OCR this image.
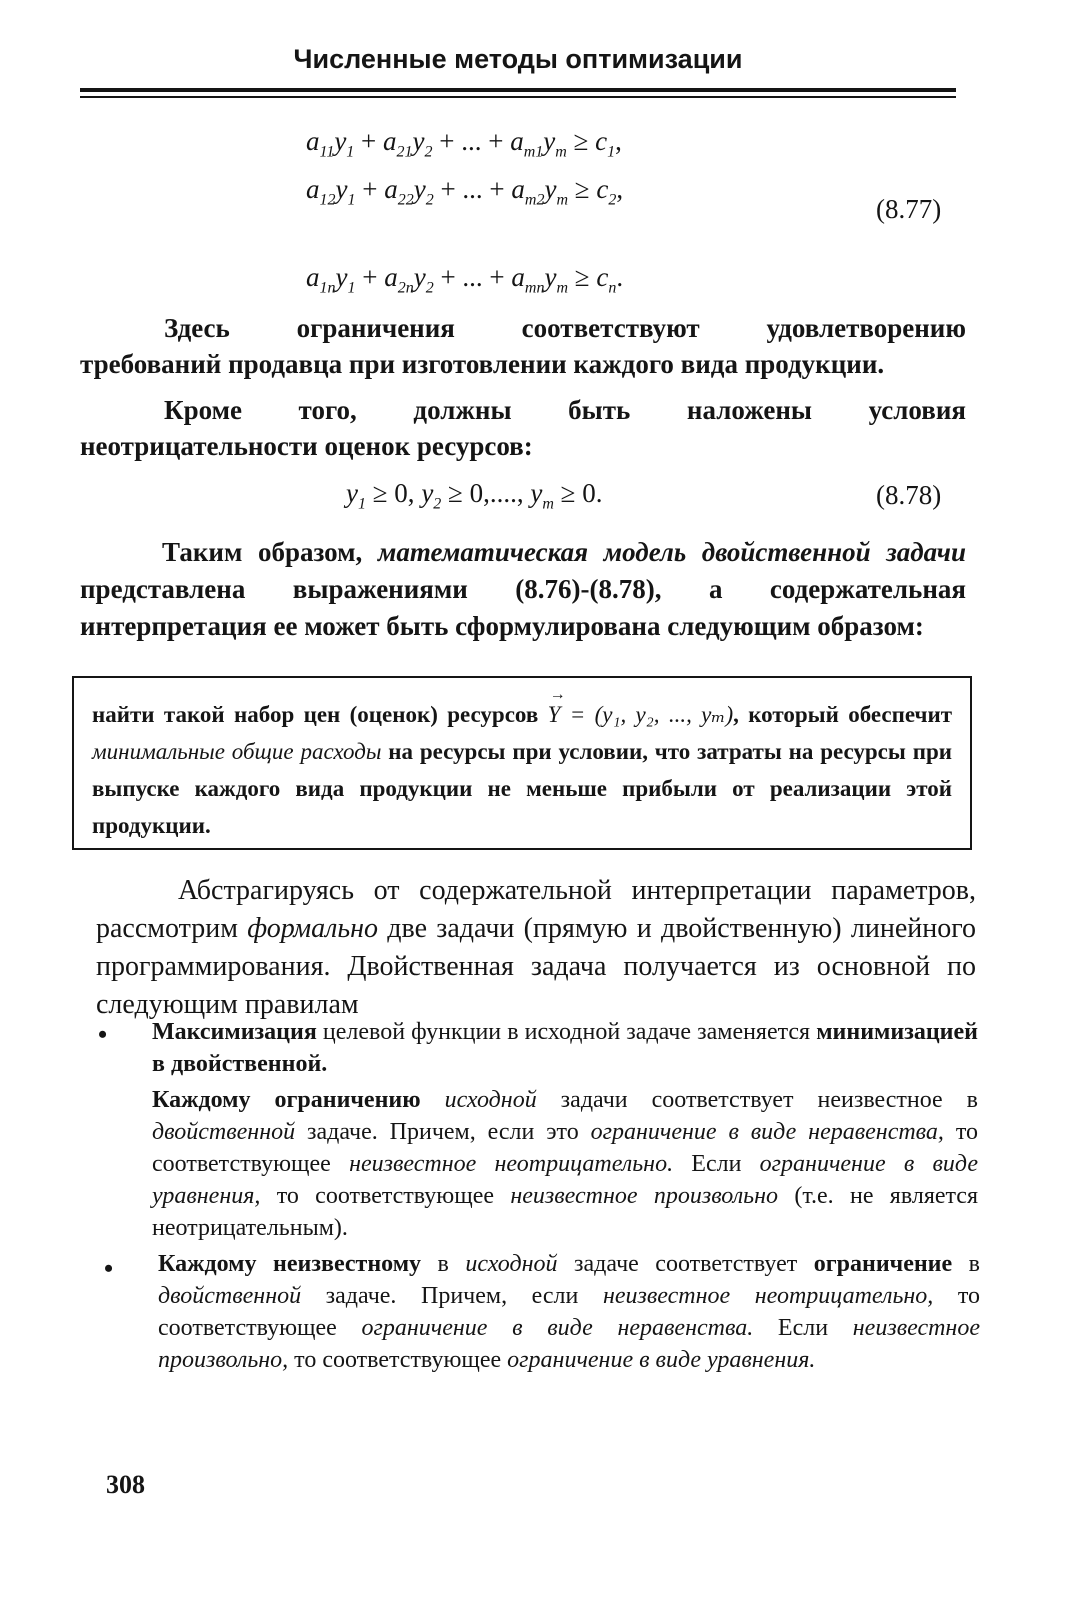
Численные методы оптимизации
$a_{11}y_1 + a_{21}y_2$ + ... + $a_{m1}y_m \ge c_1$,
$a_{12}y_1 + a_{22}y_2$ + ... + $a_{m2}y_m \ge c_2$,
(8.77)
$a_{1n}y_1 + a_{2n}y_2$ + ... + $a_{mn}y_m \ge c_n$.
Здесь ограничения соответствуют удовлетворению
требований продавца при изготовлении каждого вида продукции.
Кроме того, должны быть наложены условия
неотрицательности оценок ресурсов:
$y_1 \ge 0$, $y_2 \ge 0$,...., $y_m \ge 0$.	(8.78)
Таким образом, математическая модель двойственной задачи представлена выражениями (8.76)-(8.78), а содержательная интерпретация ее может быть сформулирована следующим образом:
найти такой набор цен (оценок) ресурсов → Y = (y₁, y₂, ..., yₘ), который обеспечит минимальные общие расходы на ресурсы при условии, что затраты на ресурсы при выпуске каждого вида продукции не меньше прибыли от реализации этой продукции.
Абстрагируясь от содержательной интерпретации параметров, рассмотрим формально две задачи (прямую и двойственную) линейного программирования. Двойственная задача получается из основной по следующим правилам
• Максимизация целевой функции в исходной задаче заменяется минимизацией в двойственной.
Каждому ограничению исходной задачи соответствует неизвестное в двойственной задаче. Причем, если это ограничение в виде неравенства, то соответствующее неизвестное неотрицательно. Если ограничение в виде уравнения, то соответствующее неизвестное произвольно (т.е. не является неотрицательным).
• Каждому неизвестному в исходной задаче соответствует ограничение в двойственной задаче. Причем, если неизвестное неотрицательно, то соответствующее ограничение в виде неравенства. Если неизвестное произвольно, то соответствующее ограничение в виде уравнения.
308
